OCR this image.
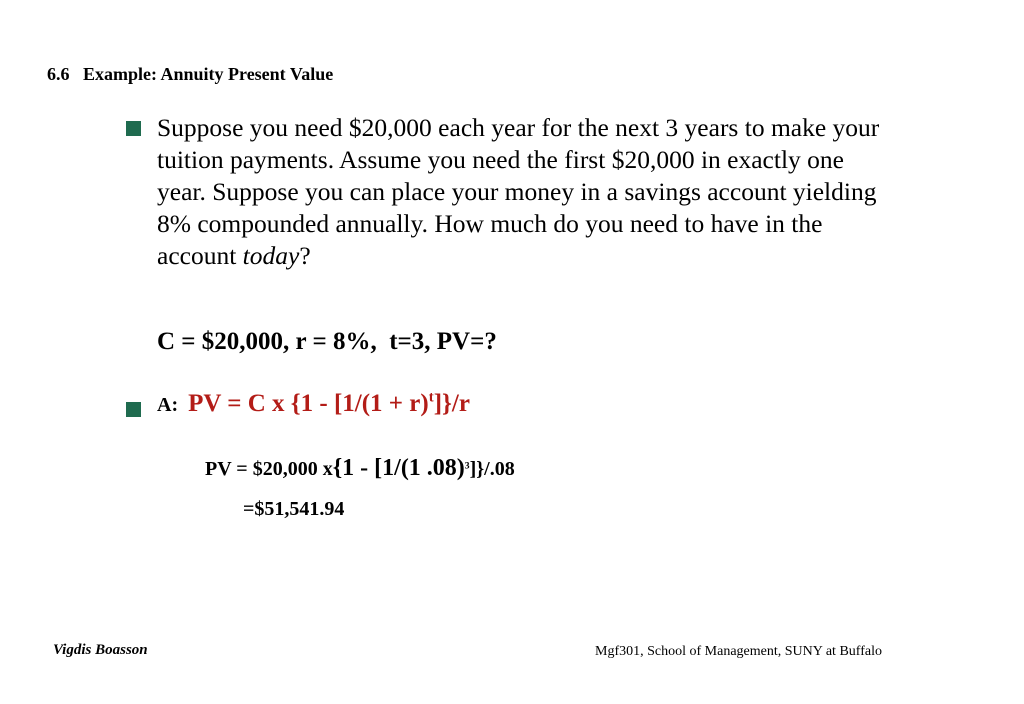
6.6   Example: Annuity Present Value
Suppose you need $20,000 each year for the next 3 years to make your tuition payments. Assume you need the first $20,000 in exactly one year. Suppose you can place your money in a savings account yielding 8% compounded annually. How much do you need to have in the account today?
C = $20,000, r = 8%,  t=3, PV=?
A:  PV = C x $\{1 - [1/(1 + r)^t]\}/r$
PV = $20,000 x{1 - [1/(1 .08)$^3$]}/.08
=$51,541.94
Vigdis Boasson	Mgf301, School of Management, SUNY at Buffalo
